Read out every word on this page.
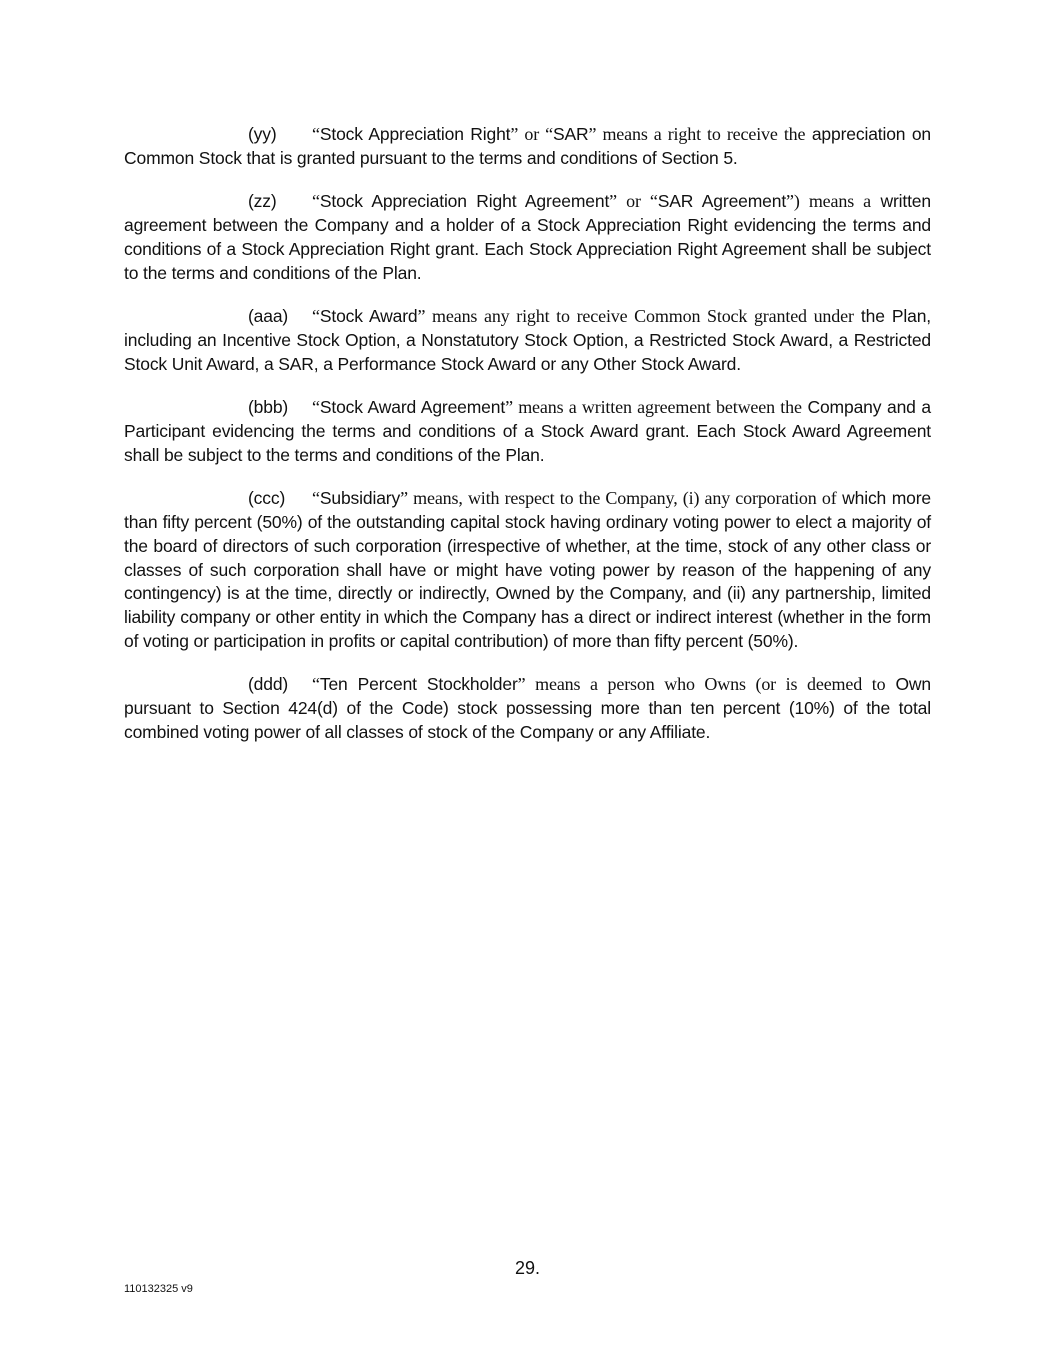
(yy) “Stock Appreciation Right” or “SAR” means a right to receive the appreciation on Common Stock that is granted pursuant to the terms and conditions of Section 5.

(zz) “Stock Appreciation Right Agreement” or “SAR Agreement”) means a written agreement between the Company and a holder of a Stock Appreciation Right evidencing the terms and conditions of a Stock Appreciation Right grant. Each Stock Appreciation Right Agreement shall be subject to the terms and conditions of the Plan.

(aaa) “Stock Award” means any right to receive Common Stock granted under the Plan, including an Incentive Stock Option, a Nonstatutory Stock Option, a Restricted Stock Award, a Restricted Stock Unit Award, a SAR, a Performance Stock Award or any Other Stock Award.

(bbb) “Stock Award Agreement” means a written agreement between the Company and a Participant evidencing the terms and conditions of a Stock Award grant. Each Stock Award Agreement shall be subject to the terms and conditions of the Plan.

(ccc) “Subsidiary” means, with respect to the Company, (i) any corporation of which more than fifty percent (50%) of the outstanding capital stock having ordinary voting power to elect a majority of the board of directors of such corporation (irrespective of whether, at the time, stock of any other class or classes of such corporation shall have or might have voting power by reason of the happening of any contingency) is at the time, directly or indirectly, Owned by the Company, and (ii) any partnership, limited liability company or other entity in which the Company has a direct or indirect interest (whether in the form of voting or participation in profits or capital contribution) of more than fifty percent (50%).

(ddd) “Ten Percent Stockholder” means a person who Owns (or is deemed to Own pursuant to Section 424(d) of the Code) stock possessing more than ten percent (10%) of the total combined voting power of all classes of stock of the Company or any Affiliate.

29.
110132325 v9
